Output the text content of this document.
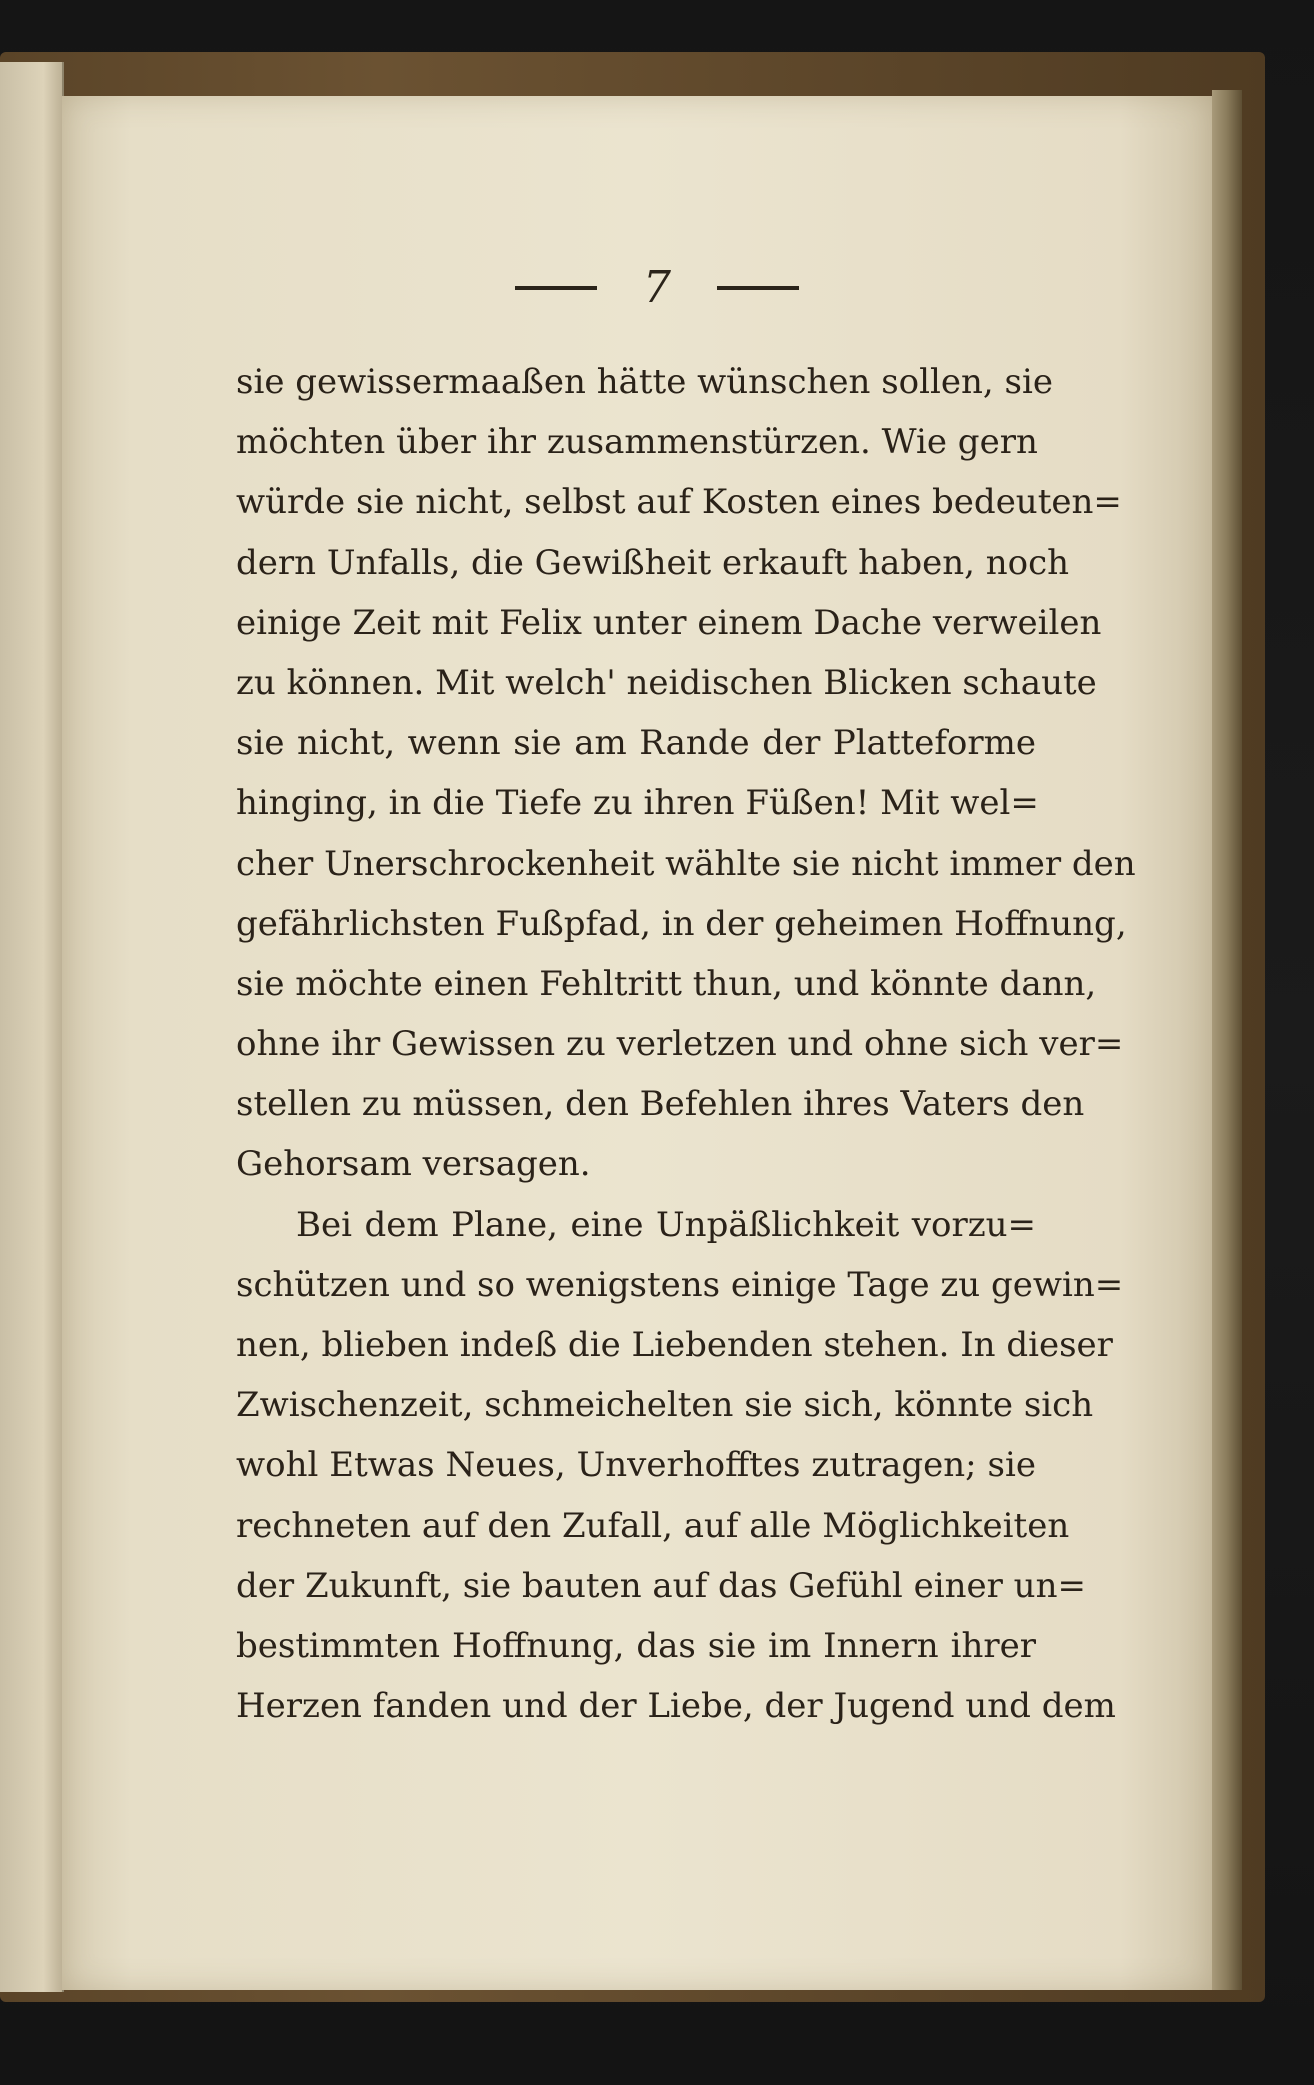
7
sie gewissermaaßen hätte wünschen sollen, sie
möchten über ihr zusammenstürzen. Wie gern
würde sie nicht, selbst auf Kosten eines bedeuten=
dern Unfalls, die Gewißheit erkauft haben, noch
einige Zeit mit Felix unter einem Dache verweilen
zu können. Mit welch' neidischen Blicken schaute
sie nicht, wenn sie am Rande der Platteforme
hinging, in die Tiefe zu ihren Füßen! Mit wel=
cher Unerschrockenheit wählte sie nicht immer den
gefährlichsten Fußpfad, in der geheimen Hoffnung,
sie möchte einen Fehltritt thun, und könnte dann,
ohne ihr Gewissen zu verletzen und ohne sich ver=
stellen zu müssen, den Befehlen ihres Vaters den
Gehorsam versagen.
Bei dem Plane, eine Unpäßlichkeit vorzu=
schützen und so wenigstens einige Tage zu gewin=
nen, blieben indeß die Liebenden stehen. In dieser
Zwischenzeit, schmeichelten sie sich, könnte sich
wohl Etwas Neues, Unverhofftes zutragen; sie
rechneten auf den Zufall, auf alle Möglichkeiten
der Zukunft, sie bauten auf das Gefühl einer un=
bestimmten Hoffnung, das sie im Innern ihrer
Herzen fanden und der Liebe, der Jugend und dem
